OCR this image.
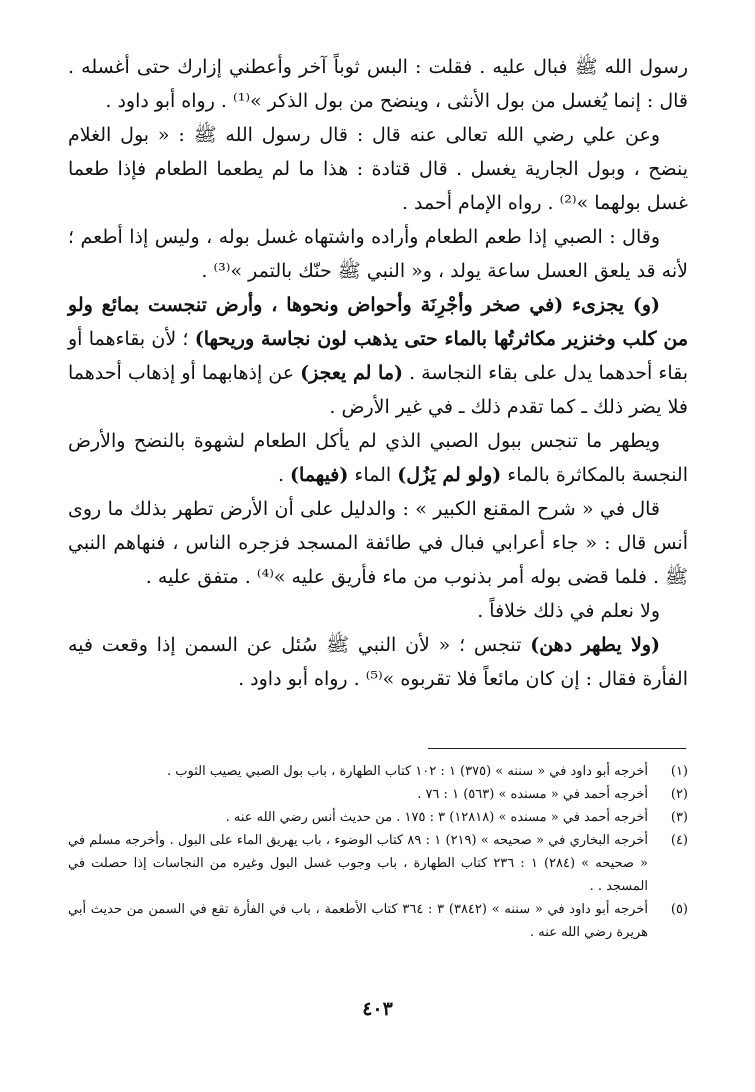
رسول الله ﷺ فبال عليه . فقلت : البس ثوباً آخر وأعطني إزارك حتى أغسله . قال : إنما يُغسل من بول الأنثى ، وينضح من بول الذكر »⁽¹⁾ . رواه أبو داود .

وعن علي رضي الله تعالى عنه قال : قال رسول الله ﷺ : « بول الغلام ينضح ، وبول الجارية يغسل . قال قتادة : هذا ما لم يطعما الطعام فإذا طعما غسل بولهما »⁽²⁾ . رواه الإمام أحمد .

وقال : الصبي إذا طعم الطعام وأراده واشتهاه غسل بوله ، وليس إذا أطعم ؛ لأنه قد يلعق العسل ساعة يولد ، و« النبي ﷺ حنّك بالتمر »⁽³⁾ .

(و) يجزىء (في صخر وأجْرِنَة وأحواض ونحوها ، وأرض تنجست بمائع ولو من كلب وخنزير مكاثرتُها بالماء حتى يذهب لون نجاسة وريحها) ؛ لأن بقاءهما أو بقاء أحدهما يدل على بقاء النجاسة . (ما لم يعجز) عن إذهابهما أو إذهاب أحدهما فلا يضر ذلك ـ كما تقدم ذلك ـ في غير الأرض .

ويطهر ما تنجس ببول الصبي الذي لم يأكل الطعام لشهوة بالنضح والأرض النجسة بالمكاثرة بالماء (ولو لم يَزُل) الماء (فيهما) .

قال في « شرح المقنع الكبير » : والدليل على أن الأرض تطهر بذلك ما روى أنس قال : « جاء أعرابي فبال في طائفة المسجد فزجره الناس ، فنهاهم النبي ﷺ . فلما قضى بوله أمر بذنوب من ماء فأريق عليه »⁽⁴⁾ . متفق عليه .

ولا نعلم في ذلك خلافاً .

(ولا يطهر دهن) تنجس ؛ « لأن النبي ﷺ سُئل عن السمن إذا وقعت فيه الفأرة فقال : إن كان مائعاً فلا تقربوه »⁽⁵⁾ . رواه أبو داود .

(١)
أخرجه أبو داود في « سننه » (٣٧٥) ١ : ١٠٢ كتاب الطهارة ، باب بول الصبي يصيب الثوب .
(٢)
أخرجه أحمد في « مسنده » (٥٦٣) ١ : ٧٦ .
(٣)
أخرجه أحمد في « مسنده » (١٢٨١٨) ٣ : ١٧٥ . من حديث أنس رضي الله عنه .
(٤)
أخرجه البخاري في « صحيحه » (٢١٩) ١ : ٨٩ كتاب الوضوء ، باب يهريق الماء على البول . وأخرجه مسلم في « صحيحه » (٢٨٤) ١ : ٢٣٦ كتاب الطهارة ، باب وجوب غسل البول وغيره من النجاسات إذا حصلت في المسجد . .
(٥)
أخرجه أبو داود في « سننه » (٣٨٤٢) ٣ : ٣٦٤ كتاب الأطعمة ، باب في الفأرة تقع في السمن من حديث أبي هريرة رضي الله عنه .
٤٠٣
